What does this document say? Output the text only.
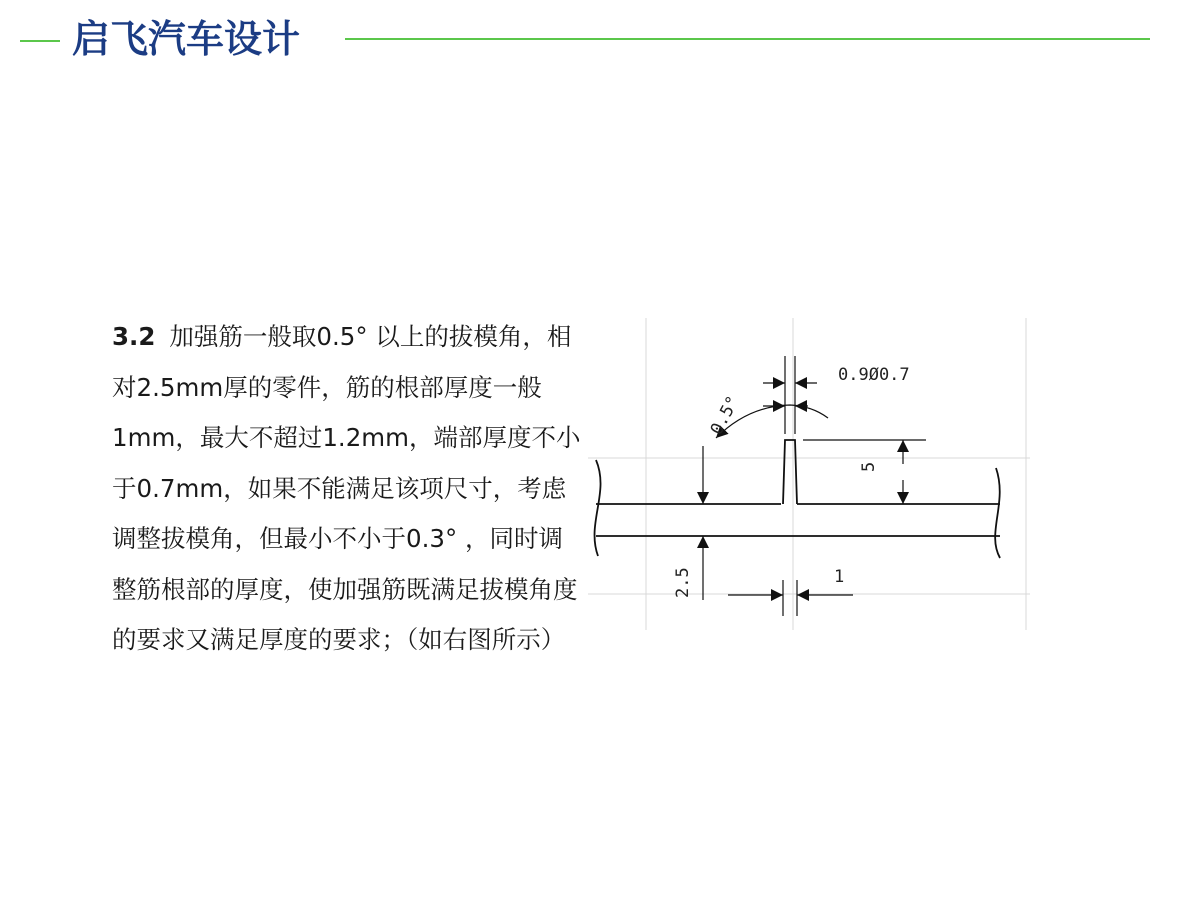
启飞汽车设计
3.2 加强筋一般取0.5° 以上的拔模角，相对2.5mm厚的零件，筋的根部厚度一般1mm，最大不超过1.2mm，端部厚度不小于0.7mm，如果不能满足该项尺寸，考虑调整拔模角，但最小不小于0.3° ，同时调整筋根部的厚度，使加强筋既满足拔模角度的要求又满足厚度的要求；（如右图所示）
0.5°
0.9Ø0.7
5
2.5	1
